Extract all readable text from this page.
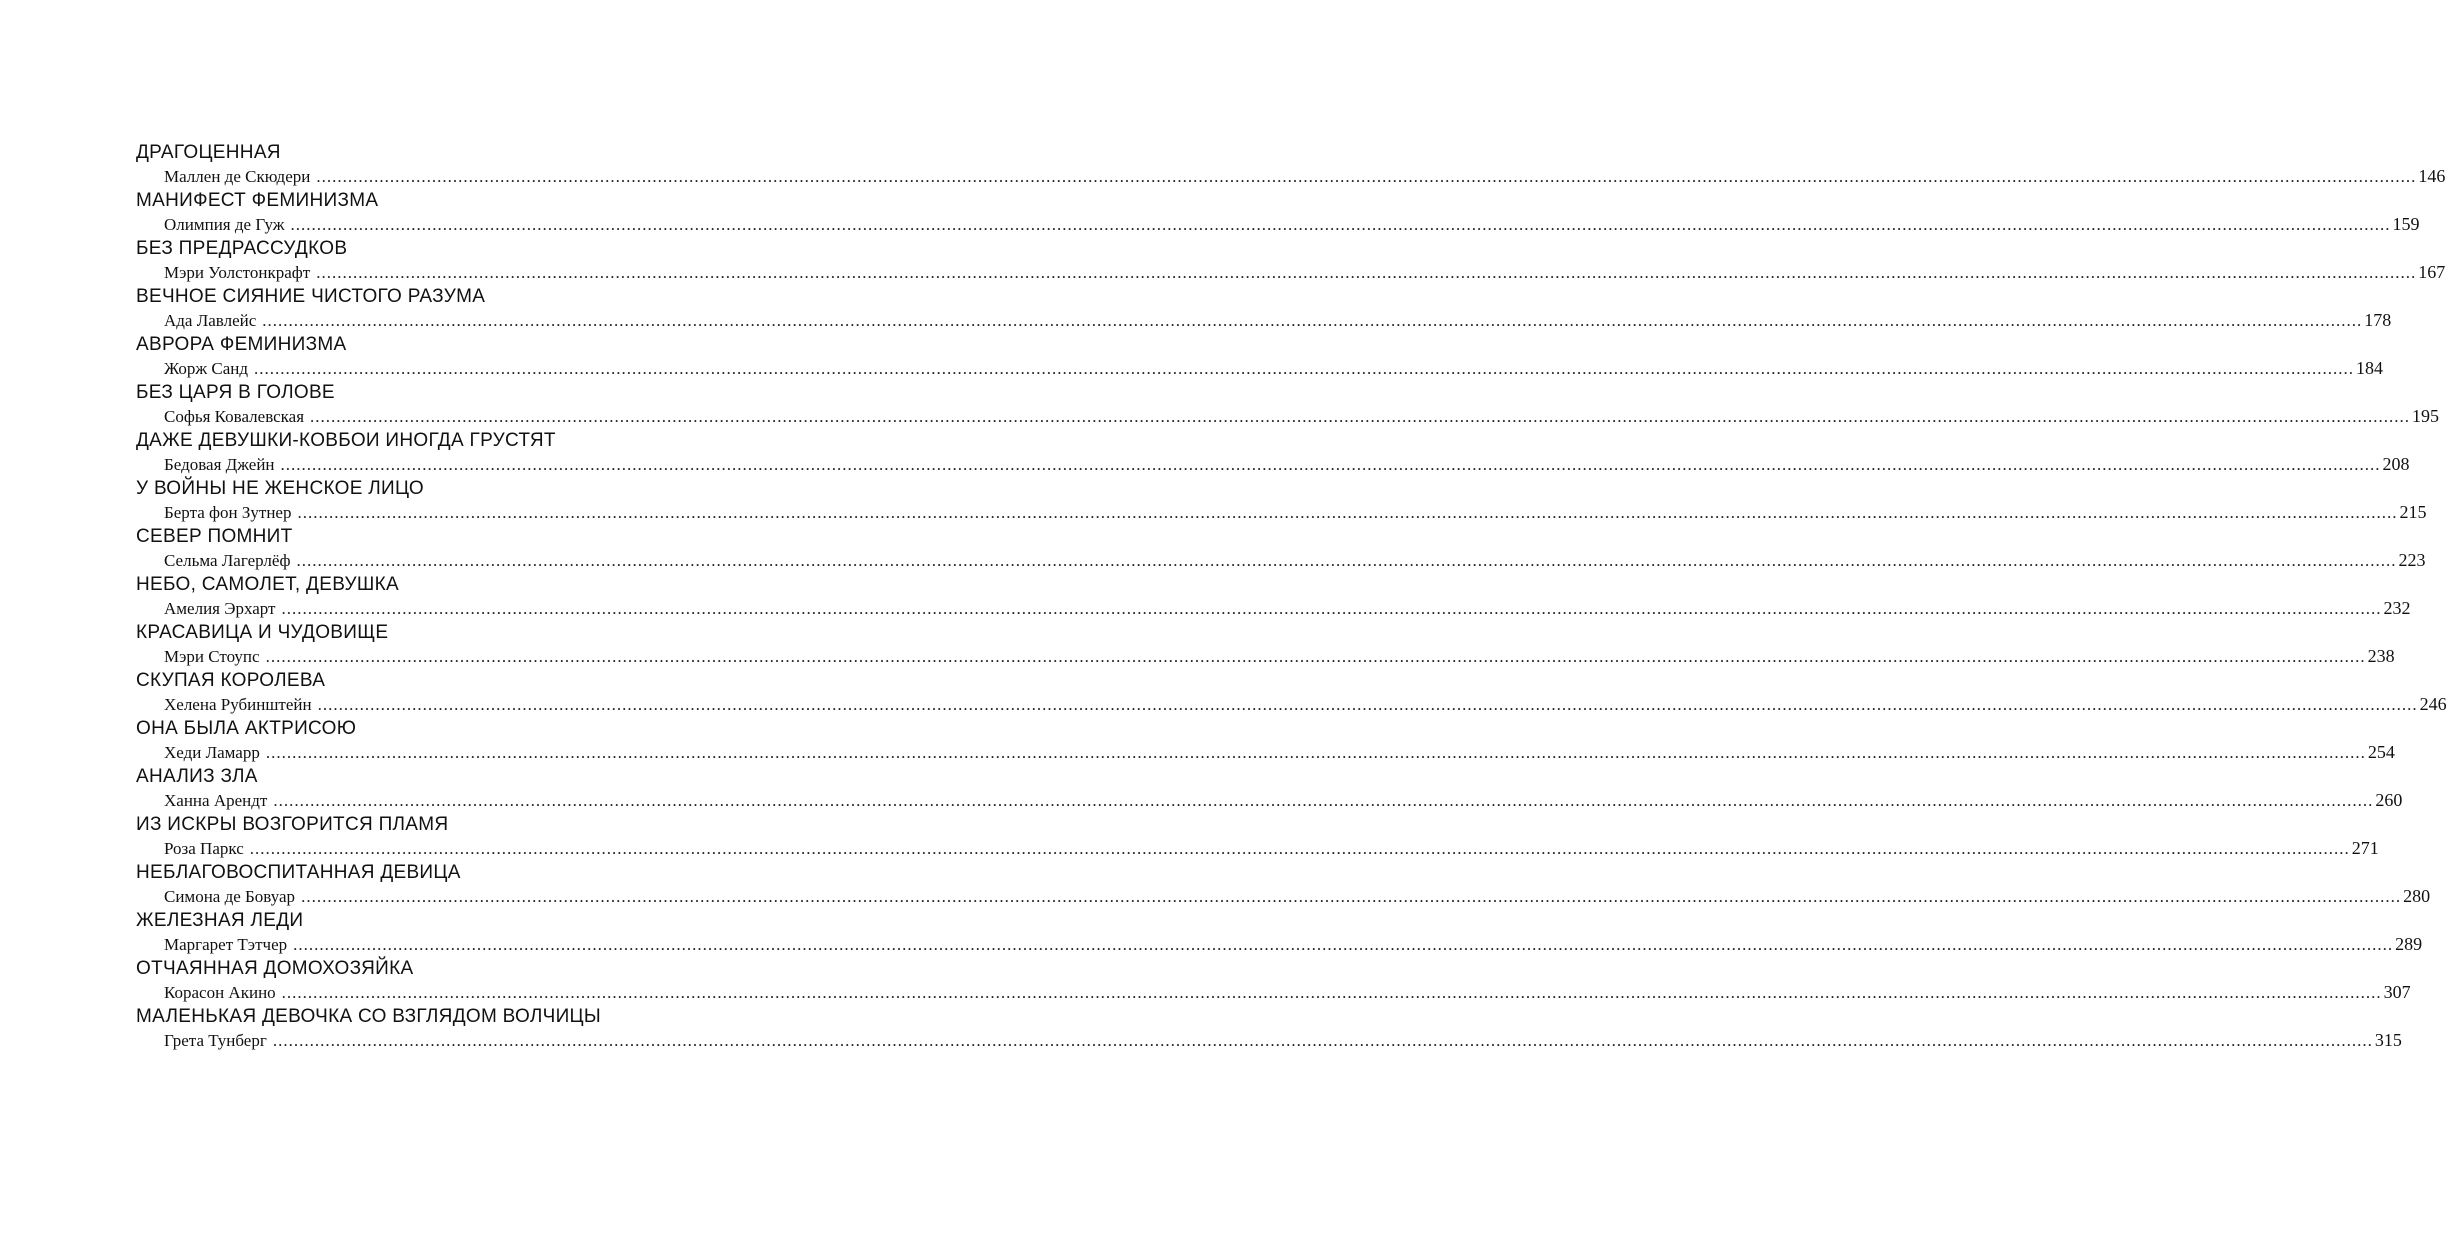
ДРАГОЦЕННАЯ
Маллен де Скюдери ................................................................................................................................................................................................................................................................................................................................................................................................................ 146
МАНИФЕСТ ФЕМИНИЗМА
Олимпия де Гуж ................................................................................................................................................................................................................................................................................................................................................................................................................ 159
БЕЗ ПРЕДРАССУДКОВ
Мэри Уолстонкрафт ................................................................................................................................................................................................................................................................................................................................................................................................................ 167
ВЕЧНОЕ СИЯНИЕ ЧИСТОГО РАЗУМА
Ада Лавлейс ................................................................................................................................................................................................................................................................................................................................................................................................................ 178
АВРОРА ФЕМИНИЗМА
Жорж Санд ................................................................................................................................................................................................................................................................................................................................................................................................................ 184
БЕЗ ЦАРЯ В ГОЛОВЕ
Софья Ковалевская ................................................................................................................................................................................................................................................................................................................................................................................................................ 195
ДАЖЕ ДЕВУШКИ-КОВБОИ ИНОГДА ГРУСТЯТ
Бедовая Джейн ................................................................................................................................................................................................................................................................................................................................................................................................................ 208
У ВОЙНЫ НЕ ЖЕНСКОЕ ЛИЦО
Берта фон Зутнер ................................................................................................................................................................................................................................................................................................................................................................................................................ 215
СЕВЕР ПОМНИТ
Сельма Лагерлёф ................................................................................................................................................................................................................................................................................................................................................................................................................ 223
НЕБО, САМОЛЕТ, ДЕВУШКА
Амелия Эрхарт ................................................................................................................................................................................................................................................................................................................................................................................................................ 232
КРАСАВИЦА И ЧУДОВИЩЕ
Мэри Стоупс ................................................................................................................................................................................................................................................................................................................................................................................................................ 238
СКУПАЯ КОРОЛЕВА
Хелена Рубинштейн ................................................................................................................................................................................................................................................................................................................................................................................................................ 246
ОНА БЫЛА АКТРИСОЮ
Хеди Ламарр ................................................................................................................................................................................................................................................................................................................................................................................................................ 254
АНАЛИЗ ЗЛА
Ханна Арендт ................................................................................................................................................................................................................................................................................................................................................................................................................ 260
ИЗ ИСКРЫ ВОЗГОРИТСЯ ПЛАМЯ
Роза Паркс ................................................................................................................................................................................................................................................................................................................................................................................................................ 271
НЕБЛАГОВОСПИТАННАЯ ДЕВИЦА
Симона де Бовуар ................................................................................................................................................................................................................................................................................................................................................................................................................ 280
ЖЕЛЕЗНАЯ ЛЕДИ
Маргарет Тэтчер ................................................................................................................................................................................................................................................................................................................................................................................................................ 289
ОТЧАЯННАЯ ДОМОХОЗЯЙКА
Корасон Акино ................................................................................................................................................................................................................................................................................................................................................................................................................ 307
МАЛЕНЬКАЯ ДЕВОЧКА СО ВЗГЛЯДОМ ВОЛЧИЦЫ
Грета Тунберг ................................................................................................................................................................................................................................................................................................................................................................................................................ 315
